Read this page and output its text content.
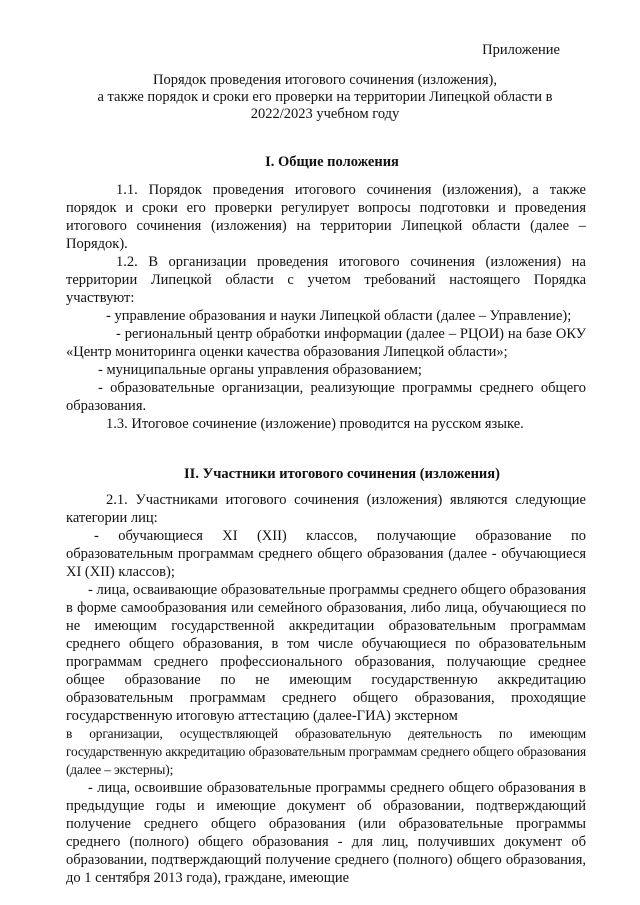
Приложение
Порядок проведения итогового сочинения (изложения),
а также порядок и сроки его проверки на территории Липецкой области в
2022/2023 учебном году
I. Общие положения

1.1. Порядок проведения итогового сочинения (изложения), а также порядок и сроки его проверки регулирует вопросы подготовки и проведения итогового сочинения (изложения) на территории Липецкой области (далее – Порядок).

1.2. В организации проведения итогового сочинения (изложения) на территории Липецкой области с учетом требований настоящего Порядка участвуют:

- управление образования и науки Липецкой области (далее – Управление);

- региональный центр обработки информации (далее – РЦОИ) на базе ОКУ «Центр мониторинга оценки качества образования Липецкой области»;

- муниципальные органы управления образованием;

- образовательные организации, реализующие программы среднего общего образования.

1.3. Итоговое сочинение (изложение) проводится на русском языке.

II. Участники итогового сочинения (изложения)

2.1. Участниками итогового сочинения (изложения) являются следующие категории лиц:

- обучающиеся XI (XII) классов, получающие образование по образовательным программам среднего общего образования (далее - обучающиеся XI (XII) классов);

- лица, осваивающие образовательные программы среднего общего образования в форме самообразования или семейного образования, либо лица, обучающиеся по не имеющим государственной аккредитации образовательным программам среднего общего образования, в том числе обучающиеся по образовательным программам среднего профессионального образования, получающие среднее общее образование по не имеющим государственную аккредитацию образовательным программам среднего общего образования, проходящие государственную итоговую аттестацию (далее-ГИА) экстерном

в организации, осуществляющей образовательную деятельность по имеющим государственную аккредитацию образовательным программам среднего общего образования (далее – экстерны);

- лица, освоившие образовательные программы среднего общего образования в предыдущие годы и имеющие документ об образовании, подтверждающий получение среднего общего образования (или образовательные программы среднего (полного) общего образования - для лиц, получивших документ об образовании, подтверждающий получение среднего (полного) общего образования, до 1 сентября 2013 года), граждане, имеющие
